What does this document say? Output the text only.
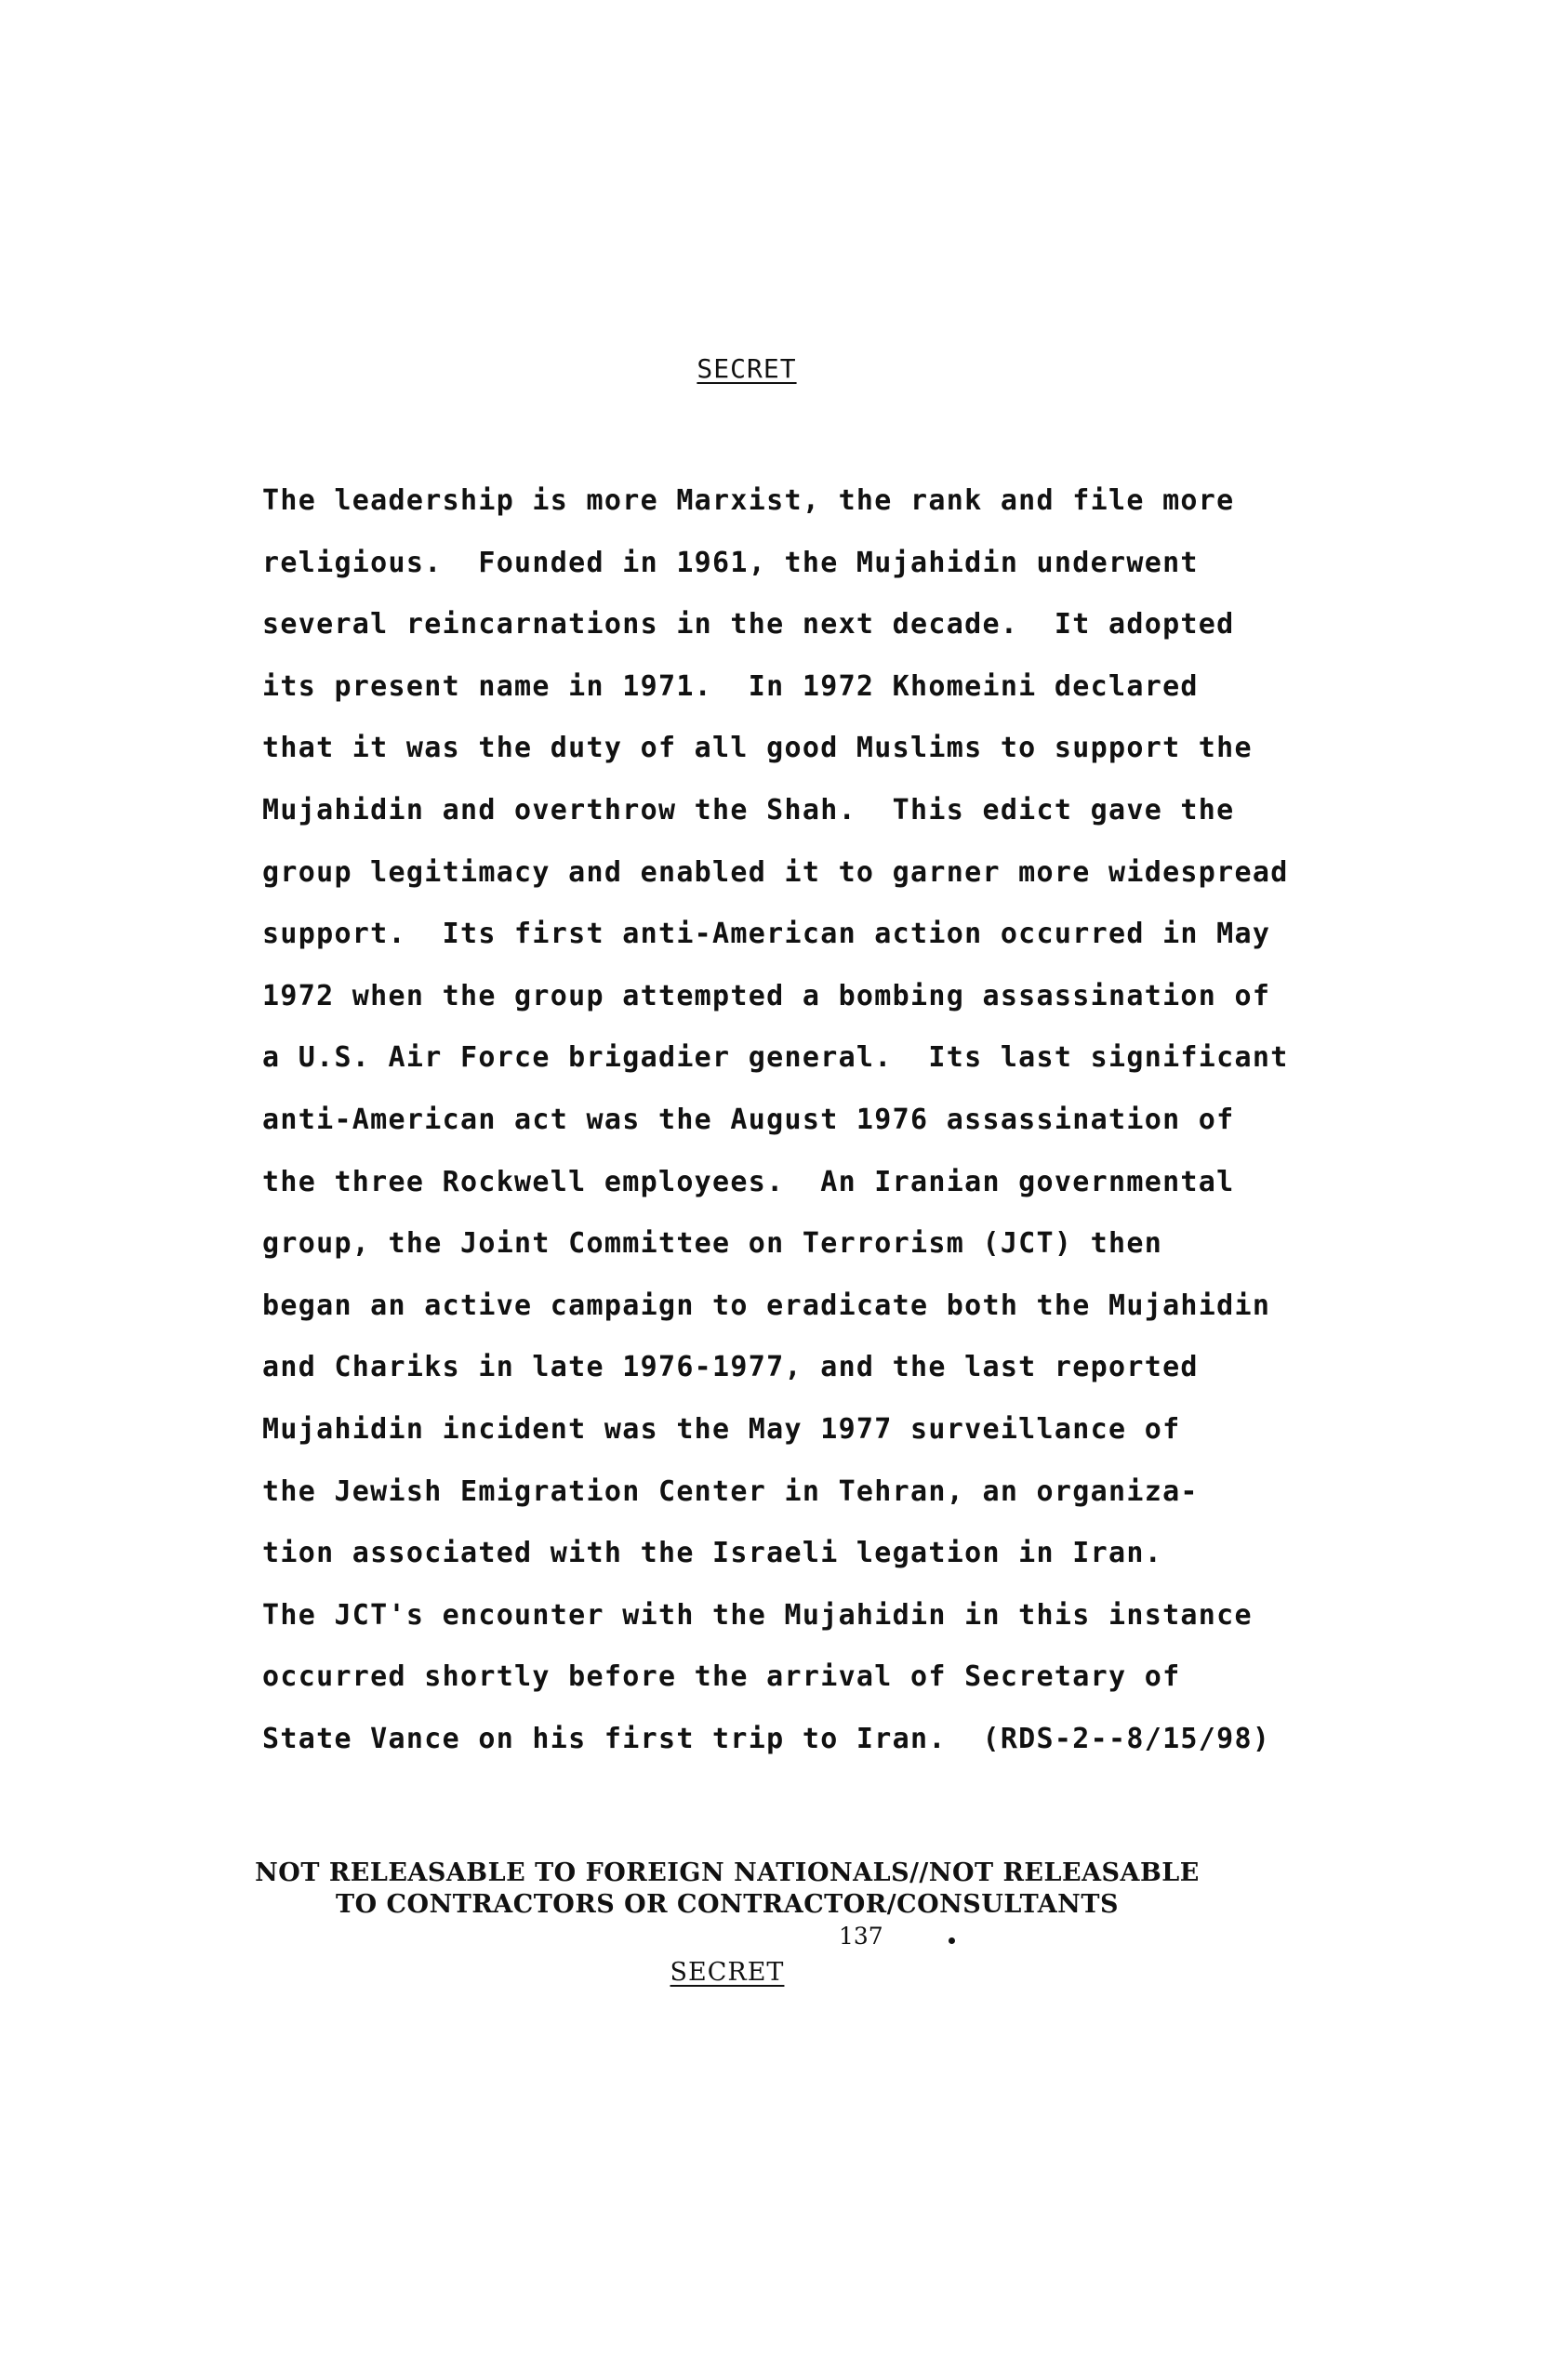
SECRET
The leadership is more Marxist, the rank and file more
religious.  Founded in 1961, the Mujahidin underwent
several reincarnations in the next decade.  It adopted
its present name in 1971.  In 1972 Khomeini declared
that it was the duty of all good Muslims to support the
Mujahidin and overthrow the Shah.  This edict gave the
group legitimacy and enabled it to garner more widespread
support.  Its first anti-American action occurred in May
1972 when the group attempted a bombing assassination of
a U.S. Air Force brigadier general.  Its last significant
anti-American act was the August 1976 assassination of
the three Rockwell employees.  An Iranian governmental
group, the Joint Committee on Terrorism (JCT) then
began an active campaign to eradicate both the Mujahidin
and Chariks in late 1976-1977, and the last reported
Mujahidin incident was the May 1977 surveillance of
the Jewish Emigration Center in Tehran, an organiza-
tion associated with the Israeli legation in Iran.
The JCT's encounter with the Mujahidin in this instance
occurred shortly before the arrival of Secretary of
State Vance on his first trip to Iran.  (RDS-2--8/15/98)
NOT RELEASABLE TO FOREIGN NATIONALS//NOT RELEASABLE
TO CONTRACTORS OR CONTRACTOR/CONSULTANTS
137
SECRET
